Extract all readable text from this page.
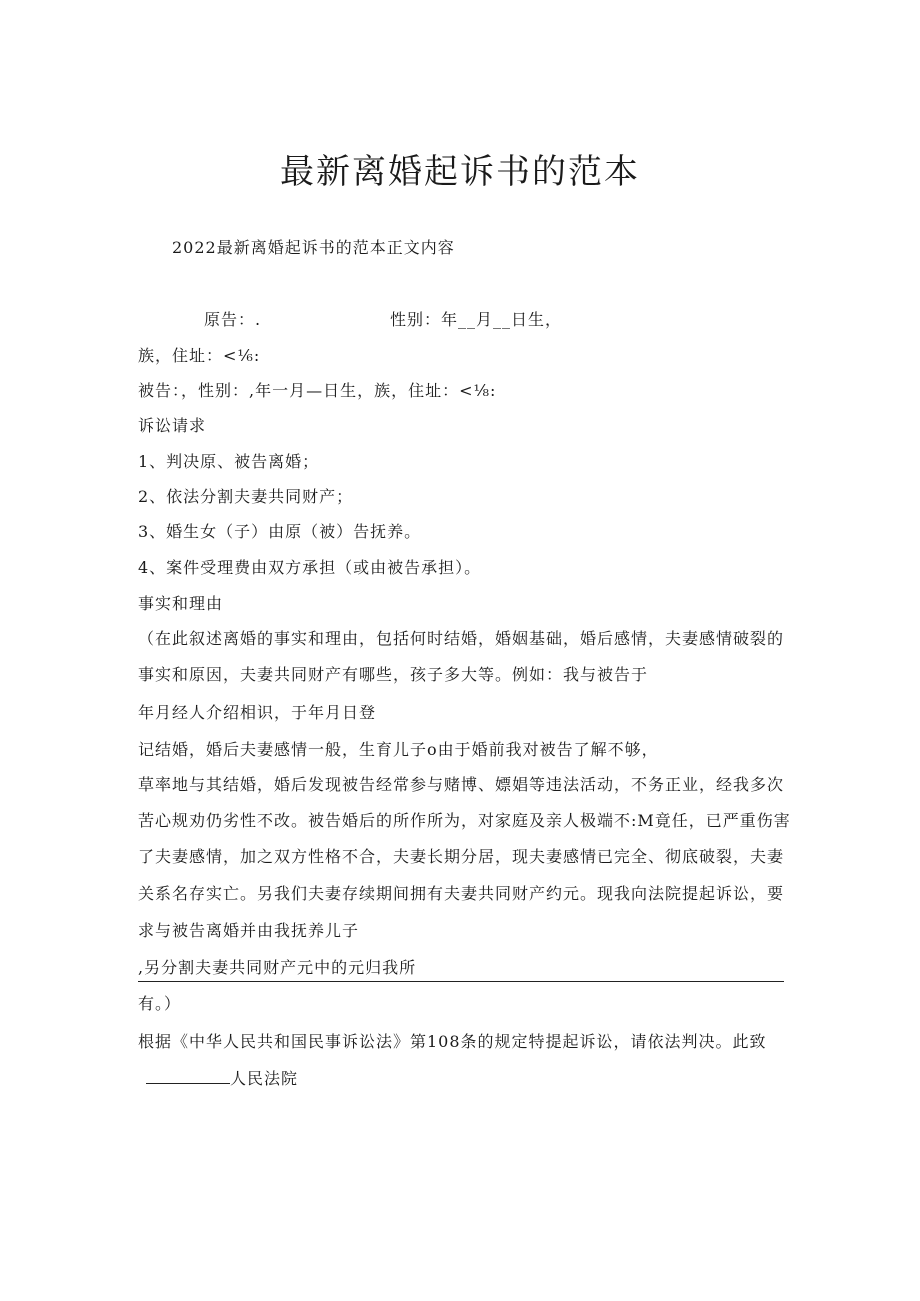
最新离婚起诉书的范本
2022最新离婚起诉书的范本正文内容
原告：.	性别：年__月__日生，
族，住址：<⅙:
被告：，性别：,年一月—日生，族，住址：<⅛:
诉讼请求
1、判决原、被告离婚；
2、依法分割夫妻共同财产；
3、婚生女（子）由原（被）告抚养。
4、案件受理费由双方承担（或由被告承担）。
事实和理由
（在此叙述离婚的事实和理由，包括何时结婚，婚姻基础，婚后感情，夫妻感情破裂的
事实和原因，夫妻共同财产有哪些，孩子多大等。例如：我与被告于
年月经人介绍相识，于年月日登
记结婚，婚后夫妻感情一般，生育儿子o由于婚前我对被告了解不够，
草率地与其结婚，婚后发现被告经常参与赌博、嫖娼等违法活动，不务正业，经我多次
苦心规劝仍劣性不改。被告婚后的所作所为，对家庭及亲人极端不:M竟任，已严重伤害
了夫妻感情，加之双方性格不合，夫妻长期分居，现夫妻感情已完全、彻底破裂，夫妻
关系名存实亡。另我们夫妻存续期间拥有夫妻共同财产约元。现我向法院提起诉讼，要
求与被告离婚并由我抚养儿子
,另分割夫妻共同财产元中的元归我所
有。）
根据《中华人民共和国民事诉讼法》第108条的规定特提起诉讼，请依法判决。此致
人民法院
